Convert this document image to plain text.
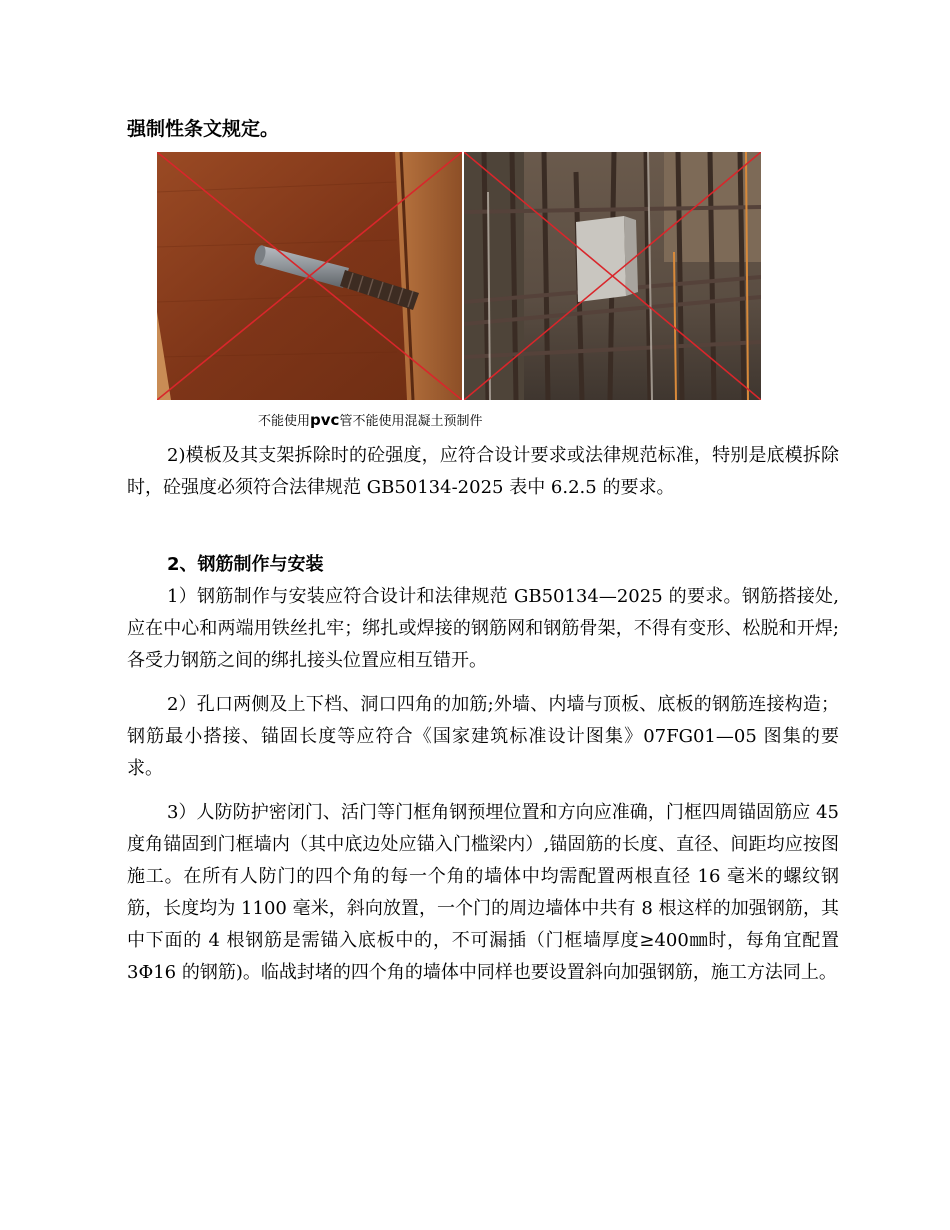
强制性条文规定。
不能使用pvc管不能使用混凝土预制件

2)模板及其支架拆除时的砼强度，应符合设计要求或法律规范标准，特别是底模拆除时，砼强度必须符合法律规范 GB50134-2025 表中 6.2.5 的要求。

2、钢筋制作与安装

1）钢筋制作与安装应符合设计和法律规范 GB50134—2025 的要求。钢筋搭接处,应在中心和两端用铁丝扎牢；绑扎或焊接的钢筋网和钢筋骨架，不得有变形、松脱和开焊;各受力钢筋之间的绑扎接头位置应相互错开。

2）孔口两侧及上下档、洞口四角的加筋;外墙、内墙与顶板、底板的钢筋连接构造；钢筋最小搭接、锚固长度等应符合《国家建筑标准设计图集》07FG01—05 图集的要求。

3）人防防护密闭门、活门等门框角钢预埋位置和方向应准确，门框四周锚固筋应 45 度角锚固到门框墙内（其中底边处应锚入门槛梁内）,锚固筋的长度、直径、间距均应按图施工。在所有人防门的四个角的每一个角的墙体中均需配置两根直径 16 毫米的螺纹钢筋，长度均为 1100 毫米，斜向放置，一个门的周边墙体中共有 8 根这样的加强钢筋，其中下面的 4 根钢筋是需锚入底板中的，不可漏插（门框墙厚度≥400㎜时，每角宜配置 3Φ16 的钢筋)。临战封堵的四个角的墙体中同样也要设置斜向加强钢筋，施工方法同上。
